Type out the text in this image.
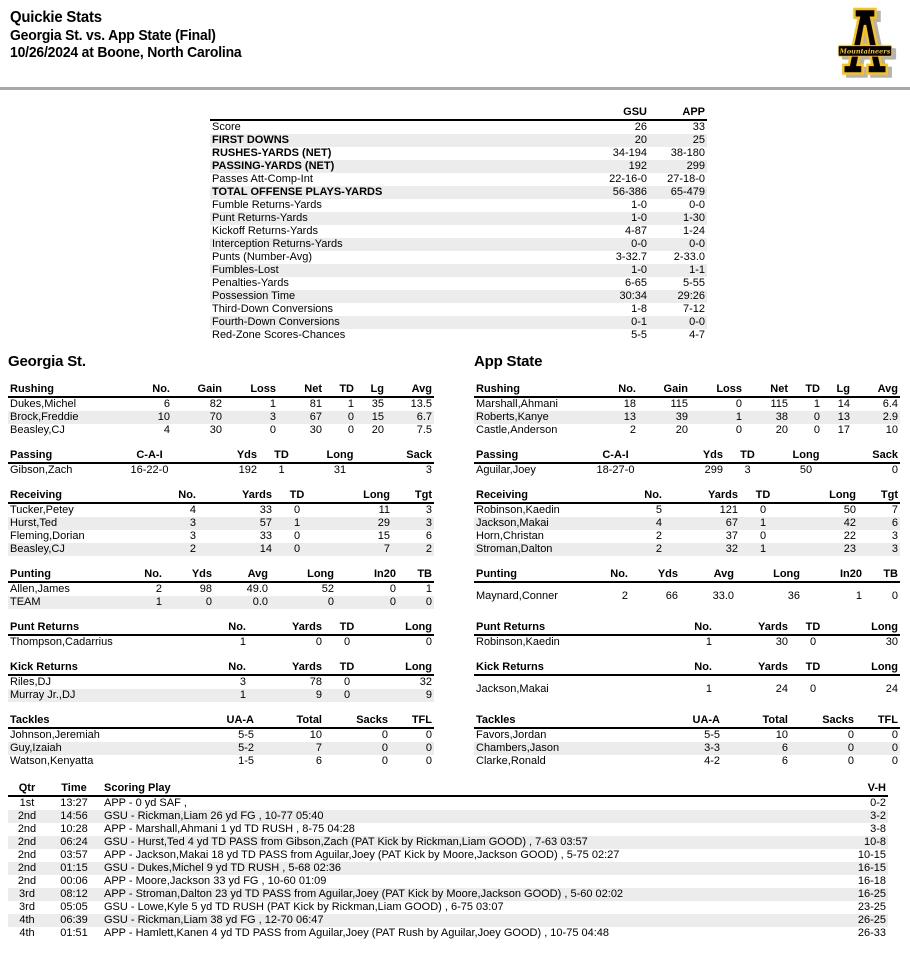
Quickie Stats
Georgia St. vs. App State (Final)
10/26/2024 at Boone, North Carolina	Mountaineers
	GSU	APP
Score	26	33
FIRST DOWNS	20	25
RUSHES-YARDS (NET)	34-194	38-180
PASSING-YARDS (NET)	192	299
Passes Att-Comp-Int	22-16-0	27-18-0
TOTAL OFFENSE PLAYS-YARDS	56-386	65-479
Fumble Returns-Yards	1-0	0-0
Punt Returns-Yards	1-0	1-30
Kickoff Returns-Yards	4-87	1-24
Interception Returns-Yards	0-0	0-0
Punts (Number-Avg)	3-32.7	2-33.0
Fumbles-Lost	1-0	1-1
Penalties-Yards	6-65	5-55
Possession Time	30:34	29:26
Third-Down Conversions	1-8	7-12
Fourth-Down Conversions	0-1	0-0
Red-Zone Scores-Chances	5-5	4-7
Georgia St.	App State
Rushing	No.	Gain	Loss	Net	TD	Lg	Avg
Dukes,Michel	6	82	1	81	1	35	13.5
Brock,Freddie	10	70	3	67	0	15	6.7
Beasley,CJ	4	30	0	30	0	20	7.5
Rushing	No.	Gain	Loss	Net	TD	Lg	Avg
Marshall,Ahmani	18	115	0	115	1	14	6.4
Roberts,Kanye	13	39	1	38	0	13	2.9
Castle,Anderson	2	20	0	20	0	17	10
Passing	C-A-I	Yds	TD	Long	Sack
Gibson,Zach	16-22-0	192	1	31	3
Passing	C-A-I	Yds	TD	Long	Sack
Aguilar,Joey	18-27-0	299	3	50	0
Receiving	No.	Yards	TD	Long	Tgt
Tucker,Petey	4	33	0	11	3
Hurst,Ted	3	57	1	29	3
Fleming,Dorian	3	33	0	15	6
Beasley,CJ	2	14	0	7	2
Receiving	No.	Yards	TD	Long	Tgt
Robinson,Kaedin	5	121	0	50	7
Jackson,Makai	4	67	1	42	6
Horn,Christan	2	37	0	22	3
Stroman,Dalton	2	32	1	23	3
Punting	No.	Yds	Avg	Long	In20	TB
Allen,James	2	98	49.0	52	0	1
TEAM	1	0	0.0	0	0	0
Punting	No.	Yds	Avg	Long	In20	TB
Maynard,Conner	2	66	33.0	36	1	0
Punt Returns	No.	Yards	TD	Long
Thompson,Cadarrius	1	0	0	0
Punt Returns	No.	Yards	TD	Long
Robinson,Kaedin	1	30	0	30
Kick Returns	No.	Yards	TD	Long
Riles,DJ	3	78	0	32
Murray Jr.,DJ	1	9	0	9
Kick Returns	No.	Yards	TD	Long
Jackson,Makai	1	24	0	24
Tackles	UA-A	Total	Sacks	TFL
Johnson,Jeremiah	5-5	10	0	0
Guy,Izaiah	5-2	7	0	0
Watson,Kenyatta	1-5	6	0	0
Tackles	UA-A	Total	Sacks	TFL
Favors,Jordan	5-5	10	0	0
Chambers,Jason	3-3	6	0	0
Clarke,Ronald	4-2	6	0	0
Qtr	Time	Scoring Play	V-H
1st	13:27	APP - 0 yd SAF ,	0-2
2nd	14:56	GSU - Rickman,Liam 26 yd FG , 10-77 05:40	3-2
2nd	10:28	APP - Marshall,Ahmani 1 yd TD RUSH , 8-75 04:28	3-8
2nd	06:24	GSU - Hurst,Ted 4 yd TD PASS from Gibson,Zach (PAT Kick by Rickman,Liam GOOD) , 7-63 03:57	10-8
2nd	03:57	APP - Jackson,Makai 18 yd TD PASS from Aguilar,Joey (PAT Kick by Moore,Jackson GOOD) , 5-75 02:27	10-15
2nd	01:15	GSU - Dukes,Michel 9 yd TD RUSH , 5-68 02:36	16-15
2nd	00:06	APP - Moore,Jackson 33 yd FG , 10-60 01:09	16-18
3rd	08:12	APP - Stroman,Dalton 23 yd TD PASS from Aguilar,Joey (PAT Kick by Moore,Jackson GOOD) , 5-60 02:02	16-25
3rd	05:05	GSU - Lowe,Kyle 5 yd TD RUSH (PAT Kick by Rickman,Liam GOOD) , 6-75 03:07	23-25
4th	06:39	GSU - Rickman,Liam 38 yd FG , 12-70 06:47	26-25
4th	01:51	APP - Hamlett,Kanen 4 yd TD PASS from Aguilar,Joey (PAT Rush by Aguilar,Joey GOOD) , 10-75 04:48	26-33
